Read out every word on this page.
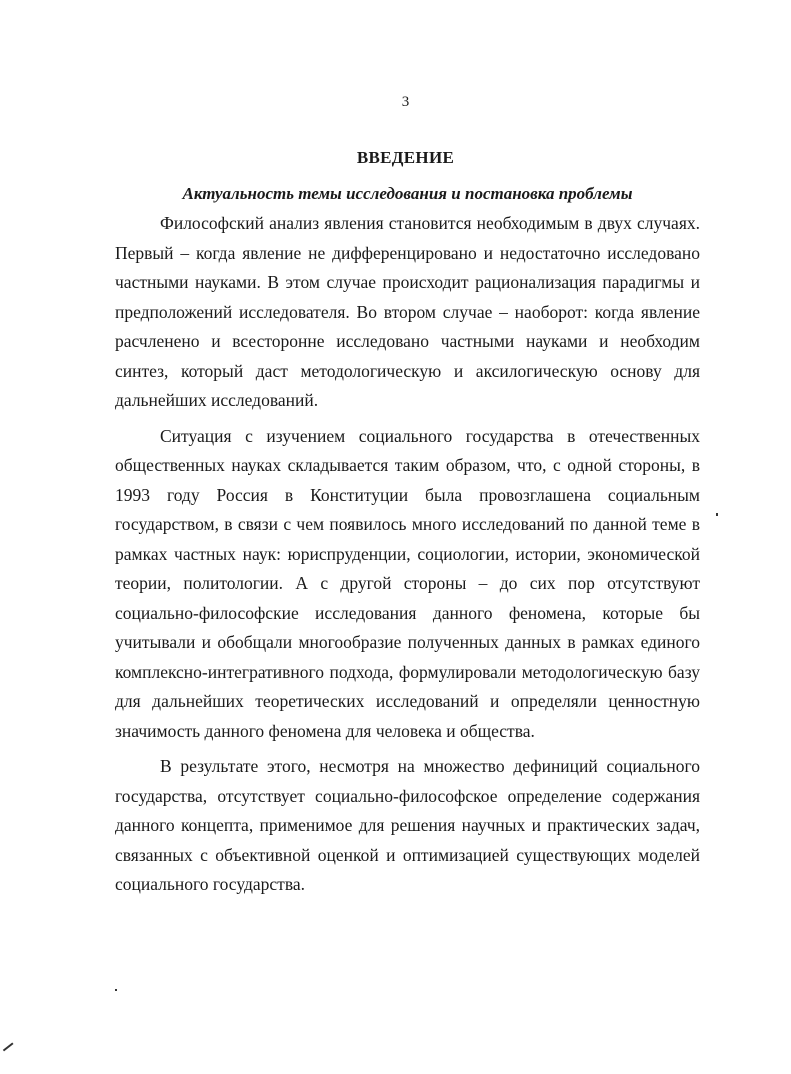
3
ВВЕДЕНИЕ
Актуальность темы исследования и постановка проблемы

Философский анализ явления становится необходимым в двух случаях. Первый – когда явление не дифференцировано и недостаточно исследовано частными науками. В этом случае происходит рационализация парадигмы и предположений исследователя. Во втором случае – наоборот: когда явление расчленено и всесторонне исследовано частными науками и необходим синтез, который даст методологическую и аксилогическую основу для дальнейших исследований.

Ситуация с изучением социального государства в отечественных общественных науках складывается таким образом, что, с одной стороны, в 1993 году Россия в Конституции была провозглашена социальным государством, в связи с чем появилось много исследований по данной теме в рамках частных наук: юриспруденции, социологии, истории, экономической теории, политологии. А с другой стороны – до сих пор отсутствуют социально-философские исследования данного феномена, которые бы учитывали и обобщали многообразие полученных данных в рамках единого комплексно-интегративного подхода, формулировали методологическую базу для дальнейших теоретических исследований и определяли ценностную значимость данного феномена для человека и общества.

В результате этого, несмотря на множество дефиниций социального государства, отсутствует социально-философское определение содержания данного концепта, применимое для решения научных и практических задач, связанных с объективной оценкой и оптимизацией существующих моделей социального государства.
